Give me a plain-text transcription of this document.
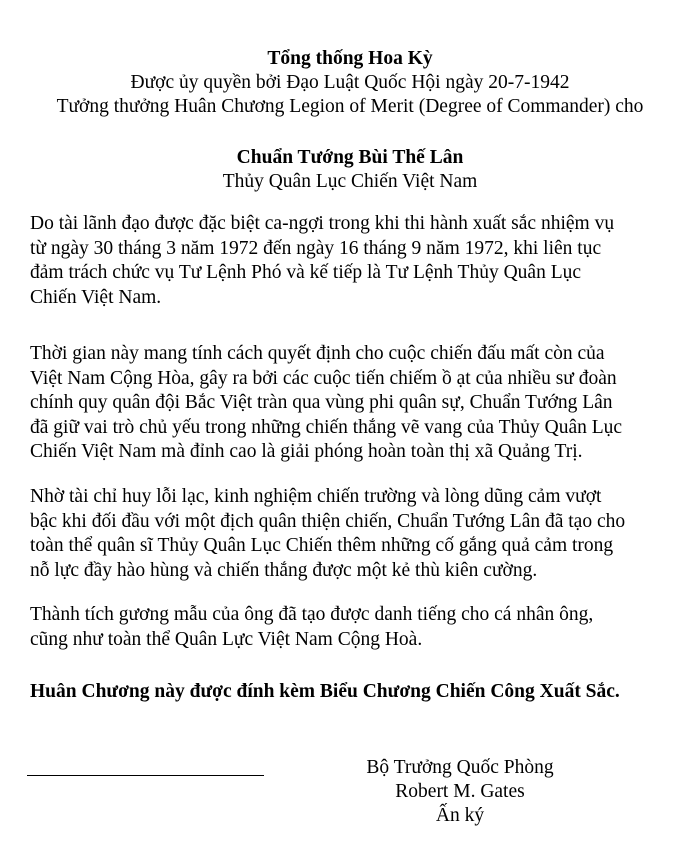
Tổng thống Hoa Kỳ
Được ủy quyền bởi Đạo Luật Quốc Hội ngày 20-7-1942
Tưởng thưởng Huân Chương Legion of Merit (Degree of Commander) cho
Chuẩn Tướng Bùi Thế Lân
Thủy Quân Lục Chiến Việt Nam
Do tài lãnh đạo được đặc biệt ca-ngợi trong khi thi hành xuất sắc nhiệm vụ
từ ngày 30 tháng 3 năm 1972 đến ngày 16 tháng 9 năm 1972, khi liên tục
đảm trách chức vụ Tư Lệnh Phó và kế tiếp là Tư Lệnh Thủy Quân Lục
Chiến Việt Nam.
Thời gian này mang tính cách quyết định cho cuộc chiến đấu mất còn của
Việt Nam Cộng Hòa, gây ra bởi các cuộc tiến chiếm ồ ạt của nhiều sư đoàn
chính quy quân đội Bắc Việt tràn qua vùng phi quân sự, Chuẩn Tướng Lân
đã giữ vai trò chủ yếu trong những chiến thắng vẽ vang của Thủy Quân Lục
Chiến Việt Nam mà đỉnh cao là giải phóng hoàn toàn thị xã Quảng Trị.
Nhờ tài chỉ huy lỗi lạc, kinh nghiệm chiến trường và lòng dũng cảm vượt
bậc khi đối đầu với một địch quân thiện chiến, Chuẩn Tướng Lân đã tạo cho
toàn thể quân sĩ Thủy Quân Lục Chiến thêm những cố gắng quả cảm trong
nỗ lực đầy hào hùng và chiến thắng được một kẻ thù kiên cường.
Thành tích gương mẫu của ông đã tạo được danh tiếng cho cá nhân ông,
cũng như toàn thể Quân Lực Việt Nam Cộng Hoà.
Huân Chương này được đính kèm Biểu Chương Chiến Công Xuất Sắc.
Bộ Trưởng Quốc Phòng
Robert M. Gates
Ấn ký
